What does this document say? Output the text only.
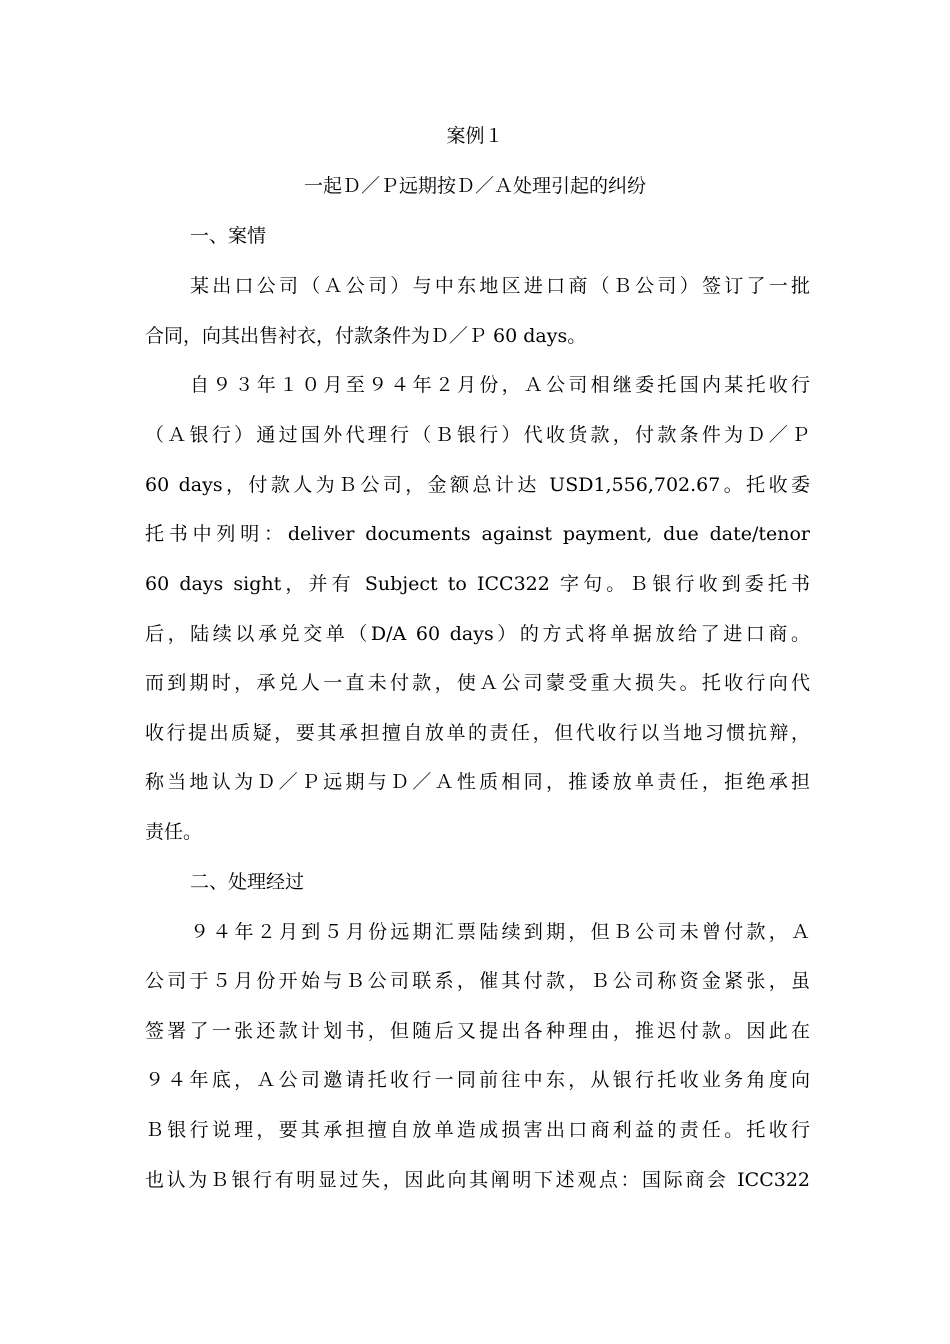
案例１
一起Ｄ／Ｐ远期按Ｄ／Ａ处理引起的纠纷
一、案情
某出口公司（Ａ公司）与中东地区进口商（Ｂ公司）签订了一批
合同，向其出售衬衣，付款条件为Ｄ／Ｐ 60 days。
自９３年１０月至９４年２月份，Ａ公司相继委托国内某托收行
（Ａ银行）通过国外代理行（Ｂ银行）代收货款，付款条件为Ｄ／Ｐ
60 days，付款人为Ｂ公司，金额总计达 USD1,556,702.67。托收委
托书中列明：deliver documents against payment, due date/tenor
60 days sight，并有 Subject to ICC322 字句。Ｂ银行收到委托书
后，陆续以承兑交单（D/A 60 days）的方式将单据放给了进口商。
而到期时，承兑人一直未付款，使Ａ公司蒙受重大损失。托收行向代
收行提出质疑，要其承担擅自放单的责任，但代收行以当地习惯抗辩，
称当地认为Ｄ／Ｐ远期与Ｄ／Ａ性质相同，推诿放单责任，拒绝承担
责任。
二、处理经过
９４年２月到５月份远期汇票陆续到期，但Ｂ公司未曾付款，Ａ
公司于５月份开始与Ｂ公司联系，催其付款，Ｂ公司称资金紧张，虽
签署了一张还款计划书，但随后又提出各种理由，推迟付款。因此在
９４年底，Ａ公司邀请托收行一同前往中东，从银行托收业务角度向
Ｂ银行说理，要其承担擅自放单造成损害出口商利益的责任。托收行
也认为Ｂ银行有明显过失，因此向其阐明下述观点：国际商会 ICC322
